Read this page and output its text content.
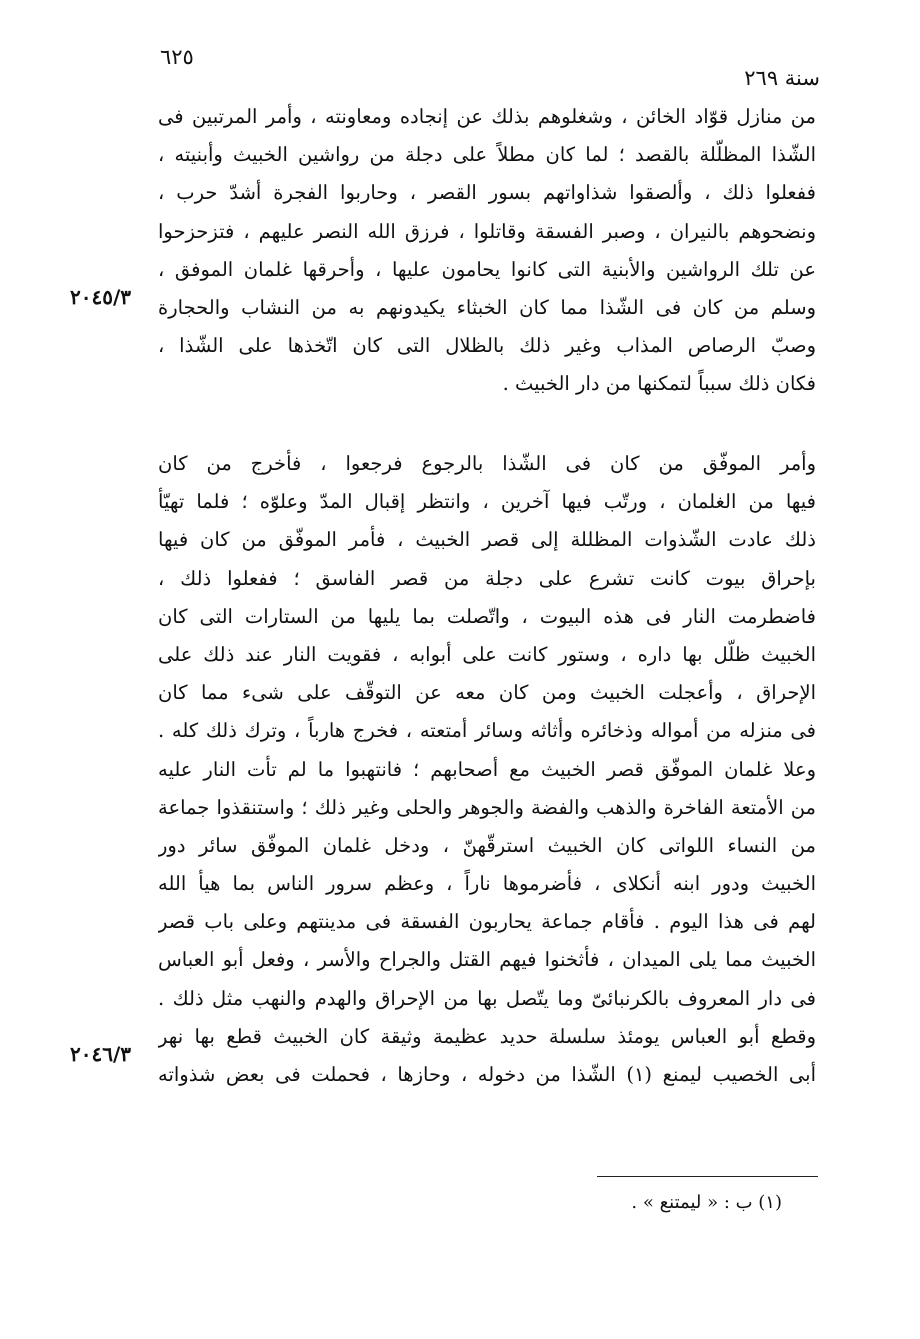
٦٢٥
سنة ٢٦٩
٢٠٤٥/٣
٢٠٤٦/٣
من منازل قوّاد الخائن ، وشغلوهم بذلك عن إنجاده ومعاونته ، وأمر المرتبين فى
الشّذا المظلّلة بالقصد ؛ لما كان مطلاً على دجلة من رواشين الخبيث وأبنيته ،
ففعلوا ذلك ، وألصقوا شذاواتهم بسور القصر ، وحاربوا الفجرة أشدّ حرب ،
ونضحوهم بالنيران ، وصبر الفسقة وقاتلوا ، فرزق الله النصر عليهم ، فتزحزحوا
عن تلك الرواشين والأبنية التى كانوا يحامون عليها ، وأحرقها غلمان الموفق ،
وسلم من كان فى الشّذا مما كان الخبثاء يكيدونهم به من النشاب والحجارة
وصبّ الرصاص المذاب وغير ذلك بالظلال التى كان اتّخذها على الشّذا ،
فكان ذلك سبباً لتمكنها من دار الخبيث .
وأمر الموفّق من كان فى الشّذا بالرجوع فرجعوا ، فأخرج من كان
فيها من الغلمان ، ورتّب فيها آخرين ، وانتظر إقبال المدّ وعلوّه ؛ فلما تهيّأ
ذلك عادت الشّذوات المظللة إلى قصر الخبيث ، فأمر الموفّق من كان فيها
بإحراق بيوت كانت تشرع على دجلة من قصر الفاسق ؛ ففعلوا ذلك ،
فاضطرمت النار فى هذه البيوت ، واتّصلت بما يليها من الستارات التى كان
الخبيث ظلّل بها داره ، وستور كانت على أبوابه ، فقويت النار عند ذلك على
الإحراق ، وأعجلت الخبيث ومن كان معه عن التوقّف على شىء مما كان
فى منزله من أمواله وذخائره وأثاثه وسائر أمتعته ، فخرج هارباً ، وترك ذلك كله .
وعلا غلمان الموفّق قصر الخبيث مع أصحابهم ؛ فانتهبوا ما لم تأت النار عليه
من الأمتعة الفاخرة والذهب والفضة والجوهر والحلى وغير ذلك ؛ واستنقذوا جماعة
من النساء اللواتى كان الخبيث استرقّهنّ ، ودخل غلمان الموفّق سائر دور
الخبيث ودور ابنه أنكلاى ، فأضرموها ناراً ، وعظم سرور الناس بما هيأ الله
لهم فى هذا اليوم . فأقام جماعة يحاربون الفسقة فى مدينتهم وعلى باب قصر
الخبيث مما يلى الميدان ، فأثخنوا فيهم القتل والجراح والأسر ، وفعل أبو العباس
فى دار المعروف بالكرنبائىّ وما يتّصل بها من الإحراق والهدم والنهب مثل ذلك .
وقطع أبو العباس يومئذ سلسلة حديد عظيمة وثيقة كان الخبيث قطع بها نهر
أبى الخصيب ليمنع (١) الشّذا من دخوله ، وحازها ، فحملت فى بعض شذواته
(١) ب : « ليمتنع » .
